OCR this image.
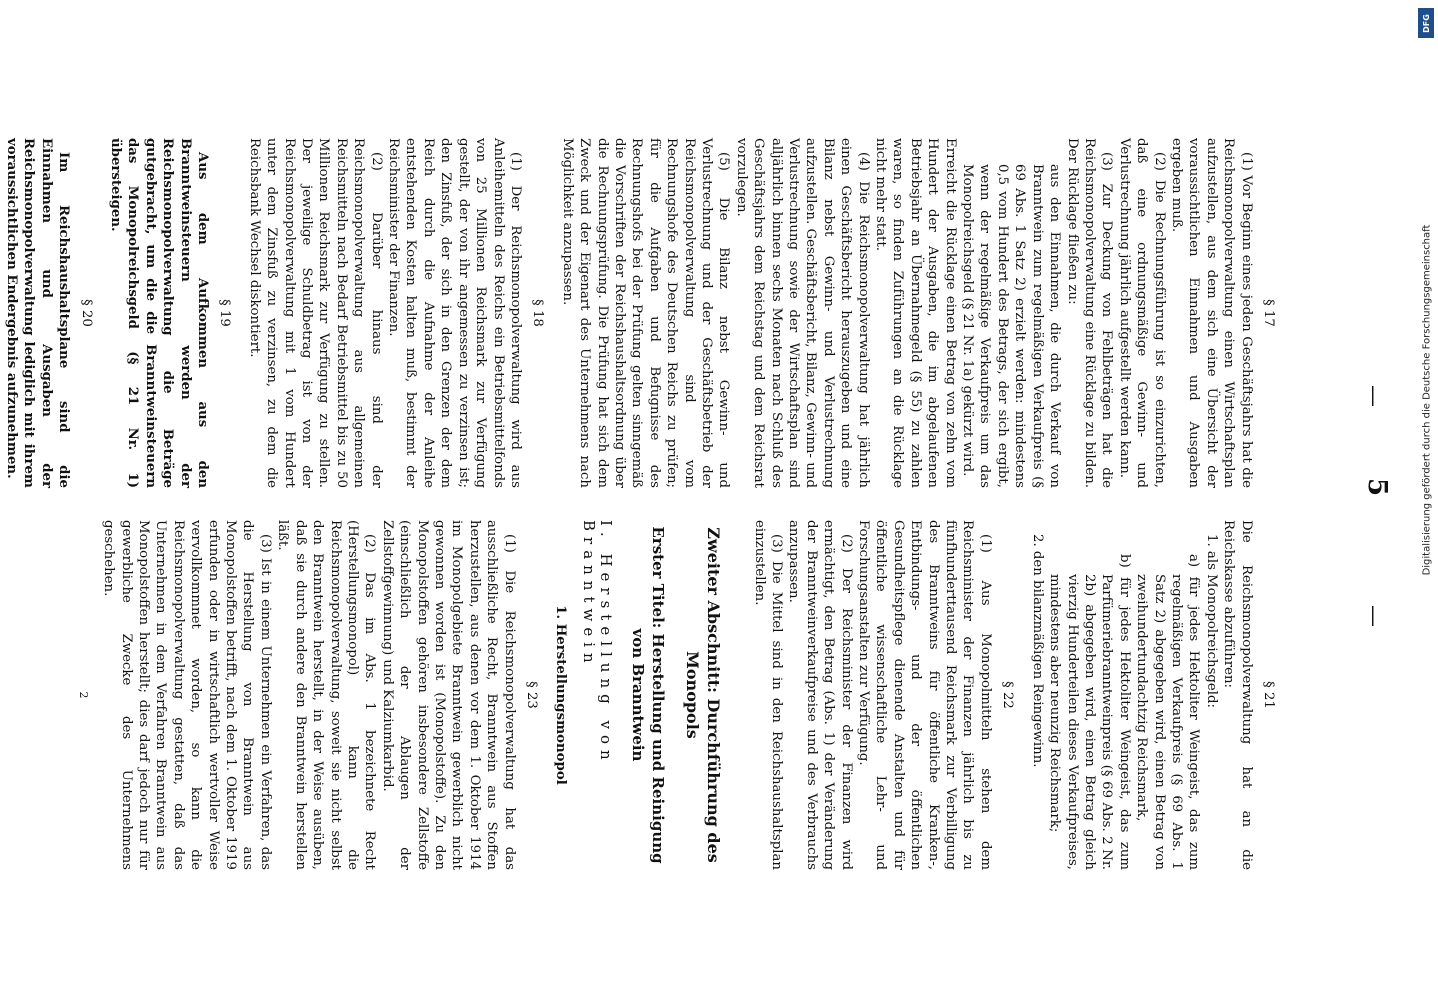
—
5
—
§ 17

(1) Vor Beginn eines jeden Geschäftsjahrs hat die Reichsmonopolverwaltung einen Wirtschaftsplan aufzustellen, aus dem sich eine Übersicht der voraussichtlichen Einnahmen und Ausgaben ergeben muß.

(2) Die Rechnungsführung ist so einzurichten, daß eine ordnungsmäßige Gewinn- und Verlustrechnung jährlich aufgestellt werden kann.

(3) Zur Deckung von Fehlbeträgen hat die Reichsmonopolverwaltung eine Rücklage zu bilden. Der Rücklage fließen zu:

aus den Einnahmen, die durch Verkauf von Branntwein zum regelmäßigen Verkaufpreis (§ 69 Abs. 1 Satz 2) erzielt werden: mindestens 0,5 vom Hundert des Betrags, der sich ergibt, wenn der regelmäßige Verkaufpreis um das Monopolreichsgeld (§ 21 Nr. 1a) gekürzt wird.

Erreicht die Rücklage einen Betrag von zehn vom Hundert der Ausgaben, die im abgelaufenen Betriebsjahr an Übernahmegeld (§ 55) zu zahlen waren, so finden Zuführungen an die Rücklage nicht mehr statt.

(4) Die Reichsmonopolverwaltung hat jährlich einen Geschäftsbericht herauszugeben und eine Bilanz nebst Gewinn- und Verlustrechnung aufzustellen. Geschäftsbericht, Bilanz, Gewinn- und Verlustrechnung sowie der Wirtschaftsplan sind alljährlich binnen sechs Monaten nach Schluß des Geschäftsjahrs dem Reichstag und dem Reichsrat vorzulegen.

(5) Die Bilanz nebst Gewinn- und Verlustrechnung und der Geschäftsbetrieb der Reichsmonopolverwaltung sind vom Rechnungshofe des Deutschen Reichs zu prüfen; für die Aufgaben und Befugnisse des Rechnungshofs bei der Prüfung gelten sinngemäß die Vorschriften der Reichshaushaltsordnung über die Rechnungsprüfung. Die Prüfung hat sich dem Zweck und der Eigenart des Unternehmens nach Möglichkeit anzupassen.

§ 18

(1) Der Reichsmonopolverwaltung wird aus Anleihemitteln des Reichs ein Betriebsmittelfonds von 25 Millionen Reichsmark zur Verfügung gestellt, der von ihr angemessen zu verzinsen ist; den Zinsfuß, der sich in den Grenzen der dem Reich durch die Aufnahme der Anleihe entstehenden Kosten halten muß, bestimmt der Reichsminister der Finanzen.

(2) Darüber hinaus sind der Reichsmonopolverwaltung aus allgemeinen Reichsmitteln nach Bedarf Betriebsmittel bis zu 50 Millionen Reichsmark zur Verfügung zu stellen. Der jeweilige Schuldbetrag ist von der Reichsmonopolverwaltung mit 1 vom Hundert unter dem Zinsfuß zu verzinsen, zu dem die Reichsbank Wechsel diskontiert.

§ 19

Aus dem Aufkommen aus den Branntweinsteuern werden der Reichsmonopolverwaltung die Beträge gutgebracht, um die die Branntweinsteuern das Monopolreichsgeld (§ 21 Nr. 1) übersteigen.

§ 20

Im Reichshaushaltsplane sind die Einnahmen und Ausgaben der Reichsmonopolverwaltung lediglich mit ihrem voraussichtlichen Endergebnis aufzunehmen.

§ 21

Die Reichsmonopolverwaltung hat an die Reichskasse abzuführen:

1. als Monopolreichsgeld:

a) für jedes Hektoliter Weingeist, das zum regelmäßigen Verkaufpreis (§ 69 Abs. 1 Satz 2) abgegeben wird, einen Betrag von zweihundertundachtzig Reichsmark,

b) für jedes Hektoliter Weingeist, das zum Parfümeriebranntweinpreis (§ 69 Abs. 2 Nr. 2b) abgegeben wird, einen Betrag gleich vierzig Hunderteilen dieses Verkaufpreises, mindestens aber neunzig Reichsmark;

2. den bilanzmäßigen Reingewinn.

§ 22

(1) Aus Monopolmitteln stehen dem Reichsminister der Finanzen jährlich bis zu fünfhunderttausend Reichsmark zur Verbilligung des Branntweins für öffentliche Kranken-, Entbindungs- und der öffentlichen Gesundheitspflege dienende Anstalten und für öffentliche wissenschaftliche Lehr- und Forschungsanstalten zur Verfügung.

(2) Der Reichsminister der Finanzen wird ermächtigt, den Betrag (Abs. 1) der Veränderung der Branntweinverkaufpreise und des Verbrauchs anzupassen.

(3) Die Mittel sind in den Reichshaushaltsplan einzustellen.

Zweiter Abschnitt: Durchführung des Monopols
Erster Titel: Herstellung und Reinigung von Branntwein
I. Herstellung von Branntwein
1. Herstellungsmonopol
§ 23

(1) Die Reichsmonopolverwaltung hat das ausschließliche Recht, Branntwein aus Stoffen herzustellen, aus denen vor dem 1. Oktober 1914 im Monopolgebiete Branntwein gewerblich nicht gewonnen worden ist (Monopolstoffe). Zu den Monopolstoffen gehören insbesondere Zellstoffe (einschließlich der Ablaugen der Zellstoffgewinnung) und Kalziumkarbid.

(2) Das im Abs. 1 bezeichnete Recht (Herstellungsmonopol) kann die Reichsmonopolverwaltung, soweit sie nicht selbst den Branntwein herstellt, in der Weise ausüben, daß sie durch andere den Branntwein herstellen läßt.

(3) Ist in einem Unternehmen ein Verfahren, das die Herstellung von Branntwein aus Monopolstoffen betrifft, nach dem 1. Oktober 1919 erfunden oder in wirtschaftlich wertvoller Weise vervollkommnet worden, so kann die Reichsmonopolverwaltung gestatten, daß das Unternehmen in dem Verfahren Branntwein aus Monopolstoffen herstellt; dies darf jedoch nur für gewerbliche Zwecke des Unternehmens geschehen.

2
DFG
Digitalisierung gefördert durch die Deutsche Forschungsgemeinschaft
